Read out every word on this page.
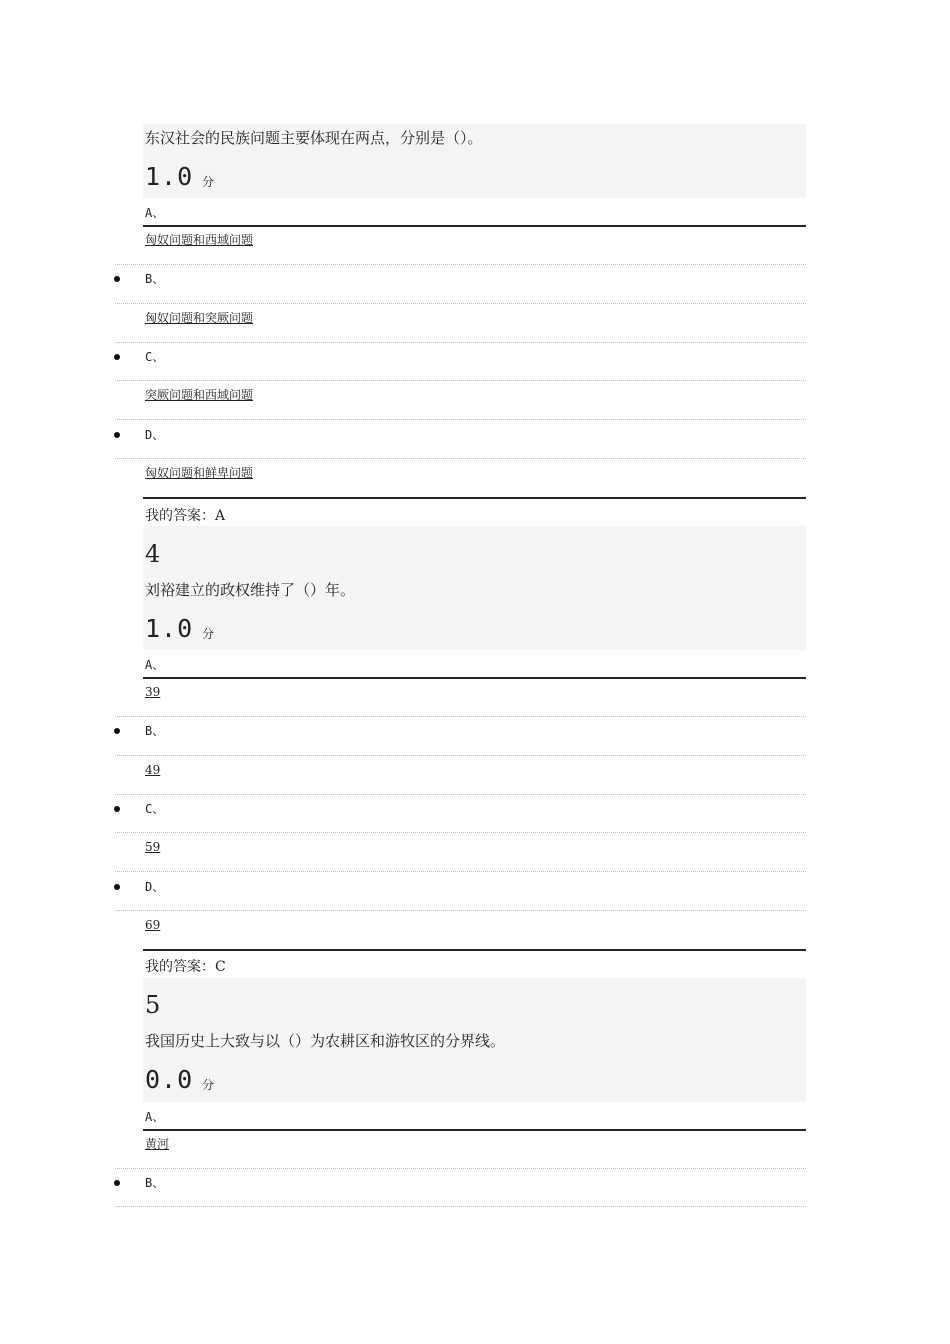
东汉社会的民族问题主要体现在两点，分别是（）。
1.0 分
A、
匈奴问题和西域问题
B、
匈奴问题和突厥问题
C、
突厥问题和西域问题
D、
匈奴问题和鲜卑问题
我的答案：A
4
刘裕建立的政权维持了（）年。
1.0 分
A、
39
B、
49
C、
59
D、
69
我的答案：C
5
我国历史上大致与以（）为农耕区和游牧区的分界线。
0.0 分
A、
黄河
B、
